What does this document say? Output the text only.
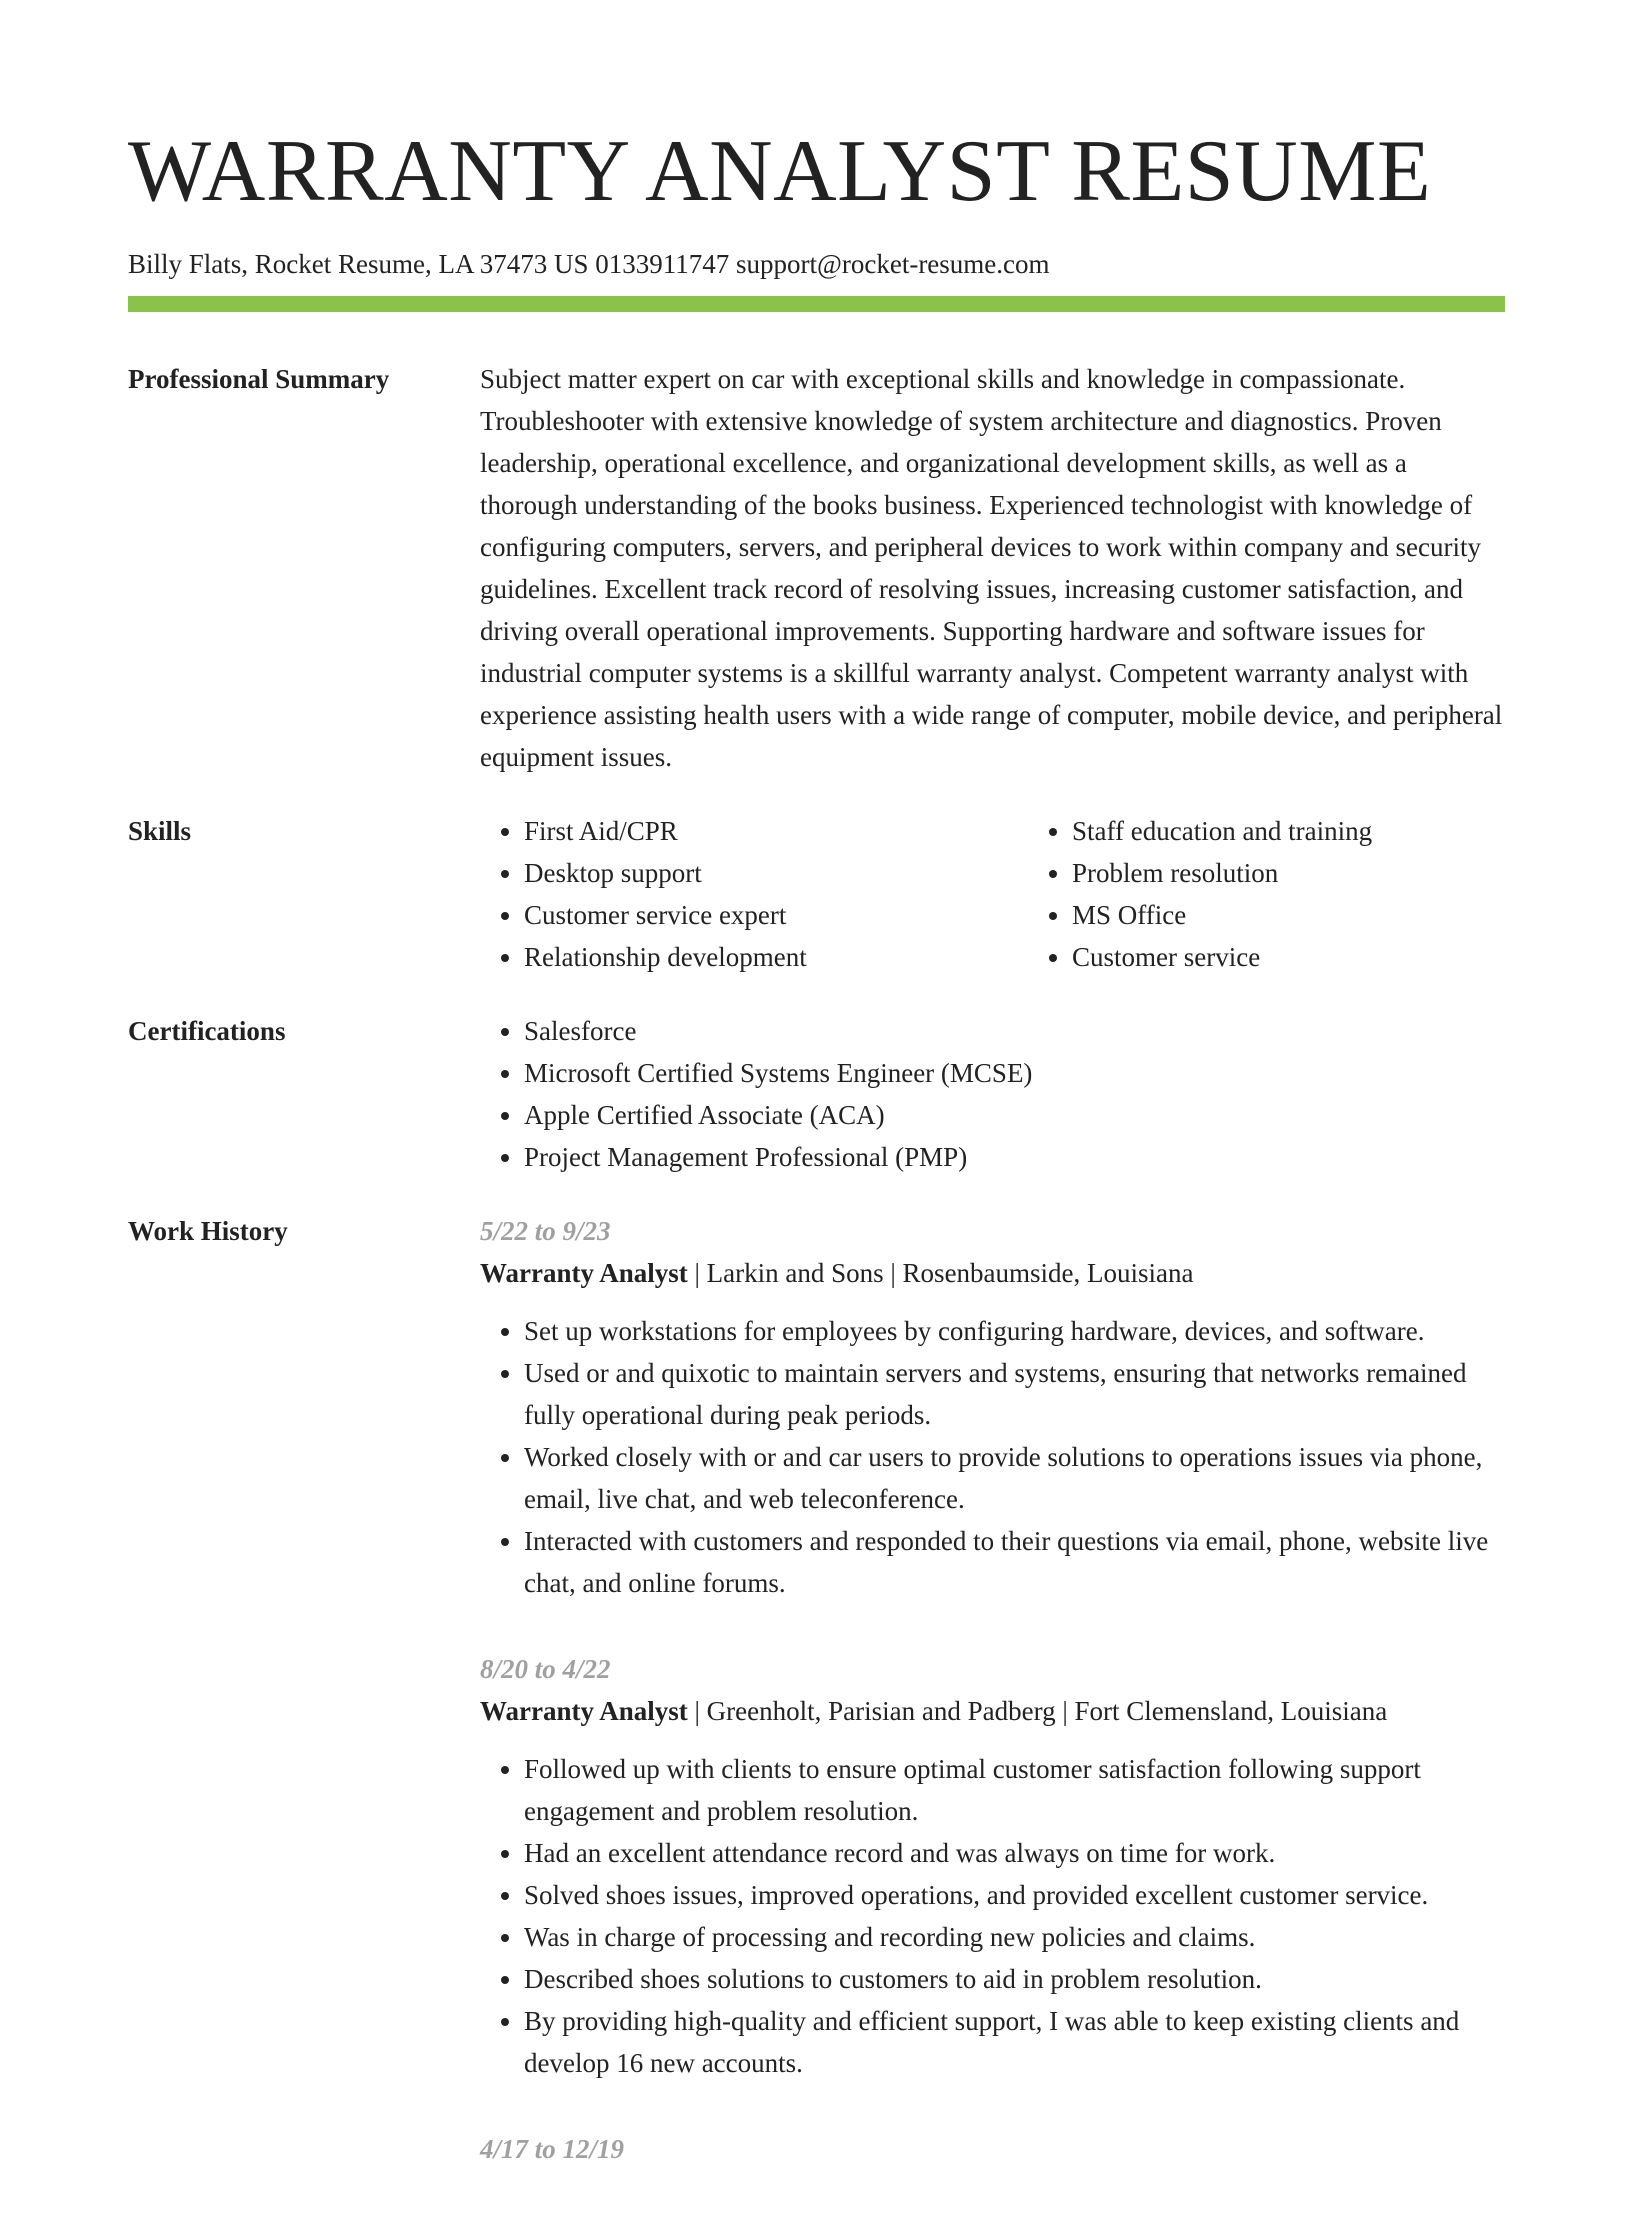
WARRANTY ANALYST RESUME
Billy Flats, Rocket Resume, LA 37473 US 0133911747 support@rocket-resume.com
Professional Summary	Subject matter expert on car with exceptional skills and knowledge in compassionate. Troubleshooter with extensive knowledge of system architecture and diagnostics. Proven leadership, operational excellence, and organizational development skills, as well as a thorough understanding of the books business. Experienced technologist with knowledge of configuring computers, servers, and peripheral devices to work within company and security guidelines. Excellent track record of resolving issues, increasing customer satisfaction, and driving overall operational improvements. Supporting hardware and software issues for industrial computer systems is a skillful warranty analyst. Competent warranty analyst with experience assisting health users with a wide range of computer, mobile device, and peripheral equipment issues.
Skills	• First Aid/CPR
• Desktop support
• Customer service expert
• Relationship development
• Staff education and training
• Problem resolution
• MS Office
• Customer service
Certifications	• Salesforce
• Microsoft Certified Systems Engineer (MCSE)
• Apple Certified Associate (ACA)
• Project Management Professional (PMP)
Work History	5/22 to 9/23
Warranty Analyst | Larkin and Sons | Rosenbaumside, Louisiana
• Set up workstations for employees by configuring hardware, devices, and software.
• Used or and quixotic to maintain servers and systems, ensuring that networks remained fully operational during peak periods.
• Worked closely with or and car users to provide solutions to operations issues via phone, email, live chat, and web teleconference.
• Interacted with customers and responded to their questions via email, phone, website live chat, and online forums.
8/20 to 4/22
Warranty Analyst | Greenholt, Parisian and Padberg | Fort Clemensland, Louisiana
• Followed up with clients to ensure optimal customer satisfaction following support engagement and problem resolution.
• Had an excellent attendance record and was always on time for work.
• Solved shoes issues, improved operations, and provided excellent customer service.
• Was in charge of processing and recording new policies and claims.
• Described shoes solutions to customers to aid in problem resolution.
• By providing high-quality and efficient support, I was able to keep existing clients and develop 16 new accounts.
4/17 to 12/19
